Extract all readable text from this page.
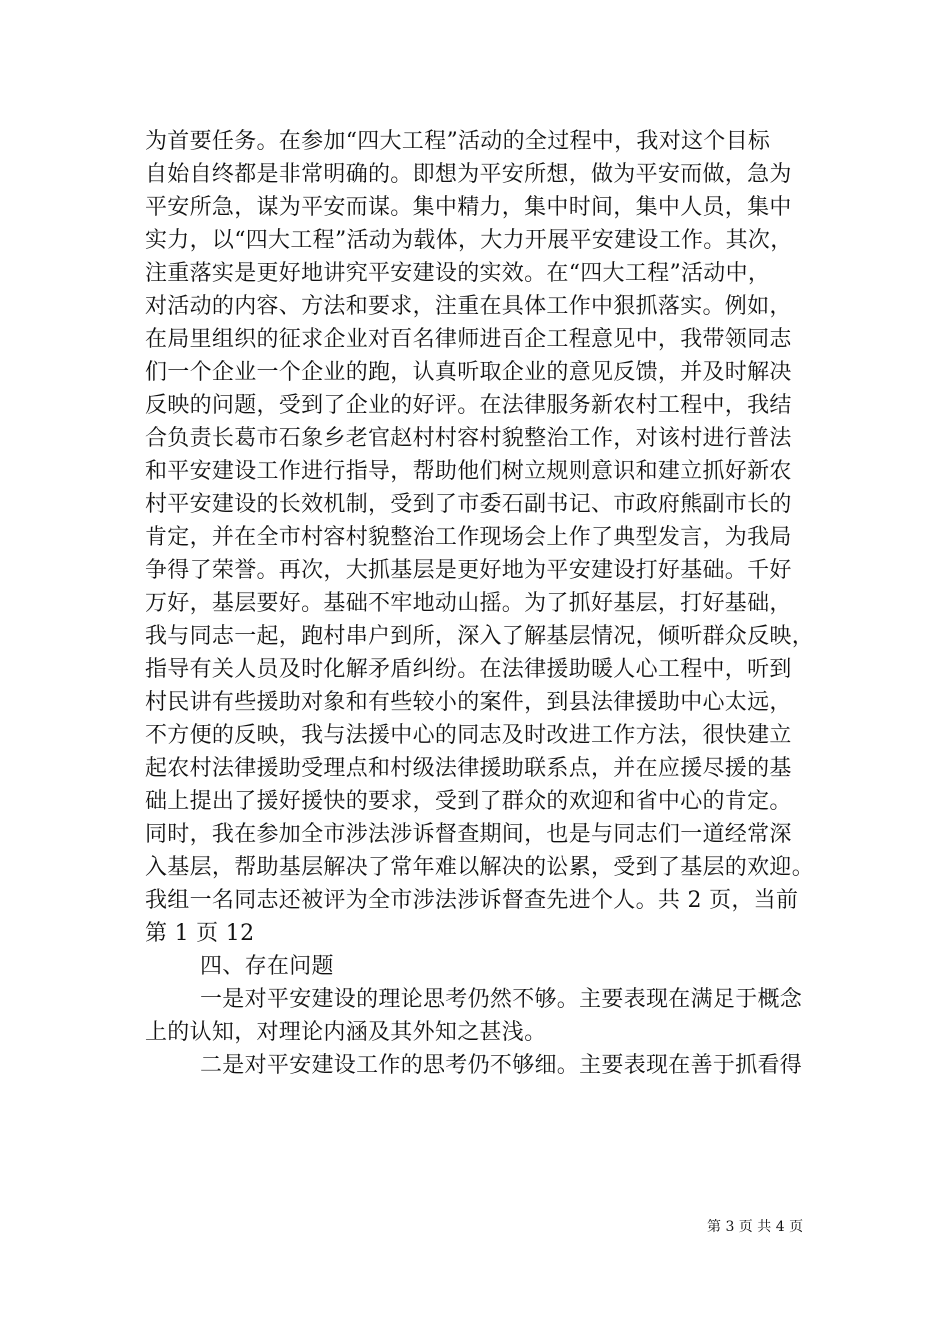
为首要任务。在参加“四大工程”活动的全过程中，我对这个目标
自始自终都是非常明确的。即想为平安所想，做为平安而做，急为
平安所急，谋为平安而谋。集中精力，集中时间，集中人员，集中
实力，以“四大工程”活动为载体，大力开展平安建设工作。其次，
注重落实是更好地讲究平安建设的实效。在“四大工程”活动中，
对活动的内容、方法和要求，注重在具体工作中狠抓落实。例如，
在局里组织的征求企业对百名律师进百企工程意见中，我带领同志
们一个企业一个企业的跑，认真听取企业的意见反馈，并及时解决
反映的问题，受到了企业的好评。在法律服务新农村工程中，我结
合负责长葛市石象乡老官赵村村容村貌整治工作，对该村进行普法
和平安建设工作进行指导，帮助他们树立规则意识和建立抓好新农
村平安建设的长效机制，受到了市委石副书记、市政府熊副市长的
肯定，并在全市村容村貌整治工作现场会上作了典型发言，为我局
争得了荣誉。再次，大抓基层是更好地为平安建设打好基础。千好
万好，基层要好。基础不牢地动山摇。为了抓好基层，打好基础，
我与同志一起，跑村串户到所，深入了解基层情况，倾听群众反映，
指导有关人员及时化解矛盾纠纷。在法律援助暖人心工程中，听到
村民讲有些援助对象和有些较小的案件，到县法律援助中心太远，
不方便的反映，我与法援中心的同志及时改进工作方法，很快建立
起农村法律援助受理点和村级法律援助联系点，并在应援尽援的基
础上提出了援好援快的要求，受到了群众的欢迎和省中心的肯定。
同时，我在参加全市涉法涉诉督查期间，也是与同志们一道经常深
入基层，帮助基层解决了常年难以解决的讼累，受到了基层的欢迎。
我组一名同志还被评为全市涉法涉诉督查先进个人。共 2 页，当前
第 1 页 12
四、存在问题
一是对平安建设的理论思考仍然不够。主要表现在满足于概念
上的认知，对理论内涵及其外知之甚浅。
二是对平安建设工作的思考仍不够细。主要表现在善于抓看得
第 3 页 共 4 页
